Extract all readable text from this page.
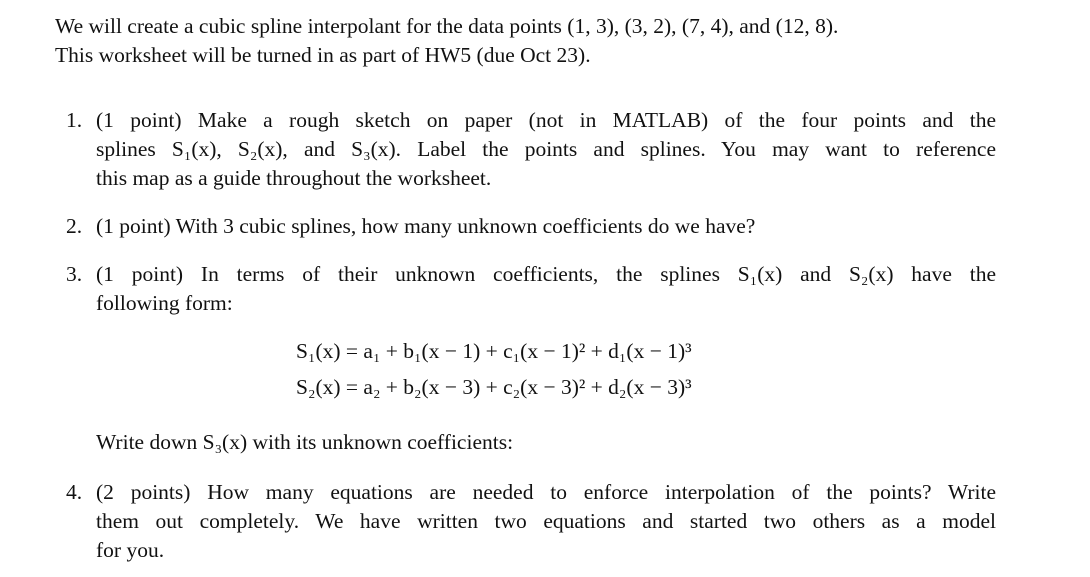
We will create a cubic spline interpolant for the data points (1, 3), (3, 2), (7, 4), and (12, 8).

This worksheet will be turned in as part of HW5 (due Oct 23).

1. (1 point) Make a rough sketch on paper (not in MATLAB) of the four points and the
splines S₁(x), S₂(x), and S₃(x). Label the points and splines. You may want to reference
this map as a guide throughout the worksheet.
2. (1 point) With 3 cubic splines, how many unknown coefficients do we have?
3. (1 point) In terms of their unknown coefficients, the splines S₁(x) and S₂(x) have the
following form:
S₁(x) = a₁ + b₁(x − 1) + c₁(x − 1)² + d₁(x − 1)³
S₂(x) = a₂ + b₂(x − 3) + c₂(x − 3)² + d₂(x − 3)³
Write down S₃(x) with its unknown coefficients:
4. (2 points) How many equations are needed to enforce interpolation of the points? Write
them out completely. We have written two equations and started two others as a model
for you.
